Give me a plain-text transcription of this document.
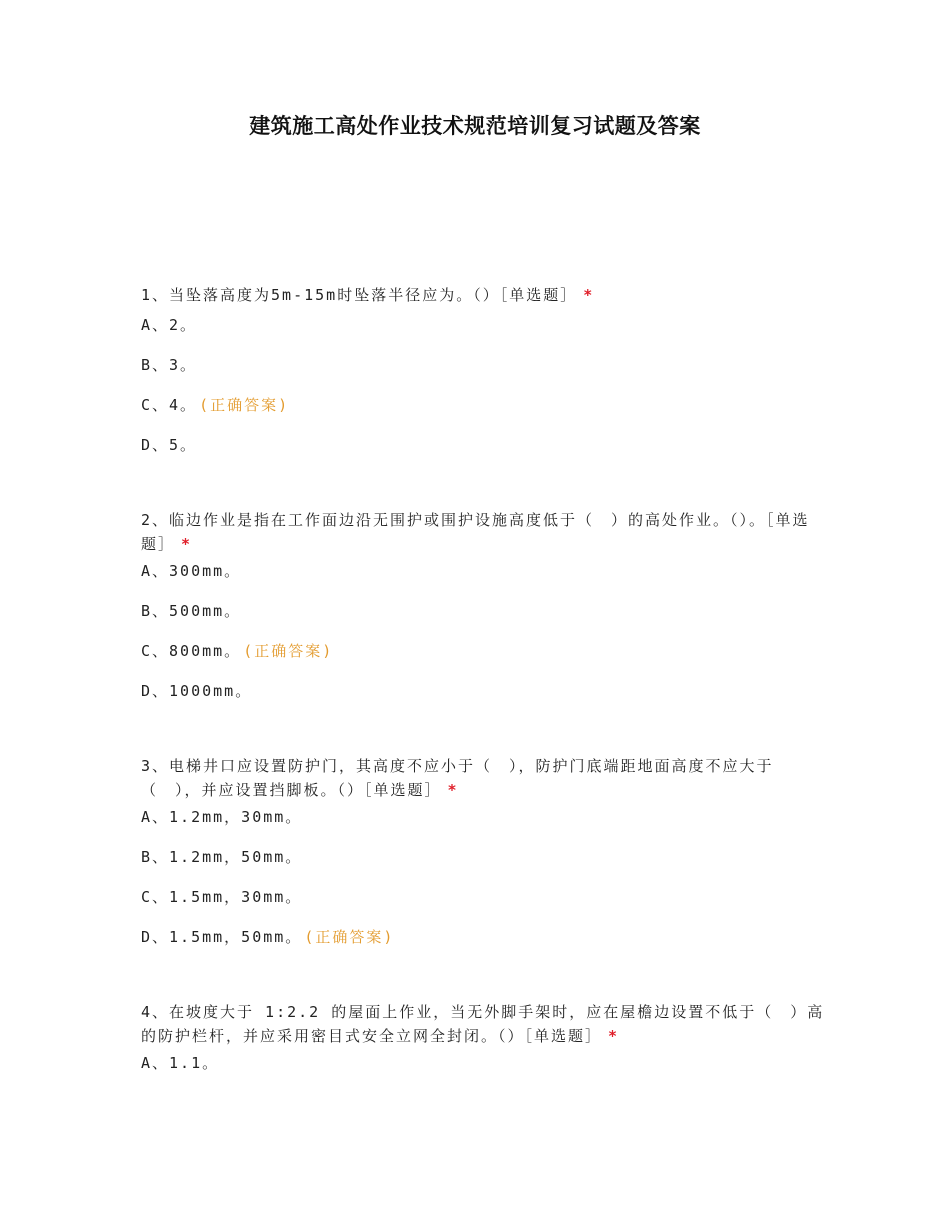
建筑施工高处作业技术规范培训复习试题及答案
1、当坠落高度为5m-15m时坠落半径应为。（）［单选题］ *
A、2。
B、3。
C、4。 (正确答案)
D、5。
2、临边作业是指在工作面边沿无围护或围护设施高度低于（　）的高处作业。（）。［单选题］ *
A、300mm。
B、500mm。
C、800mm。 (正确答案)
D、1000mm。
3、电梯井口应设置防护门，其高度不应小于（　），防护门底端距地面高度不应大于（　），并应设置挡脚板。（）［单选题］ *
A、1.2mm，30mm。
B、1.2mm，50mm。
C、1.5mm，30mm。
D、1.5mm，50mm。 (正确答案)
4、在坡度大于 1:2.2 的屋面上作业，当无外脚手架时，应在屋檐边设置不低于（　）高的防护栏杆，并应采用密目式安全立网全封闭。（）［单选题］ *
A、1.1。
